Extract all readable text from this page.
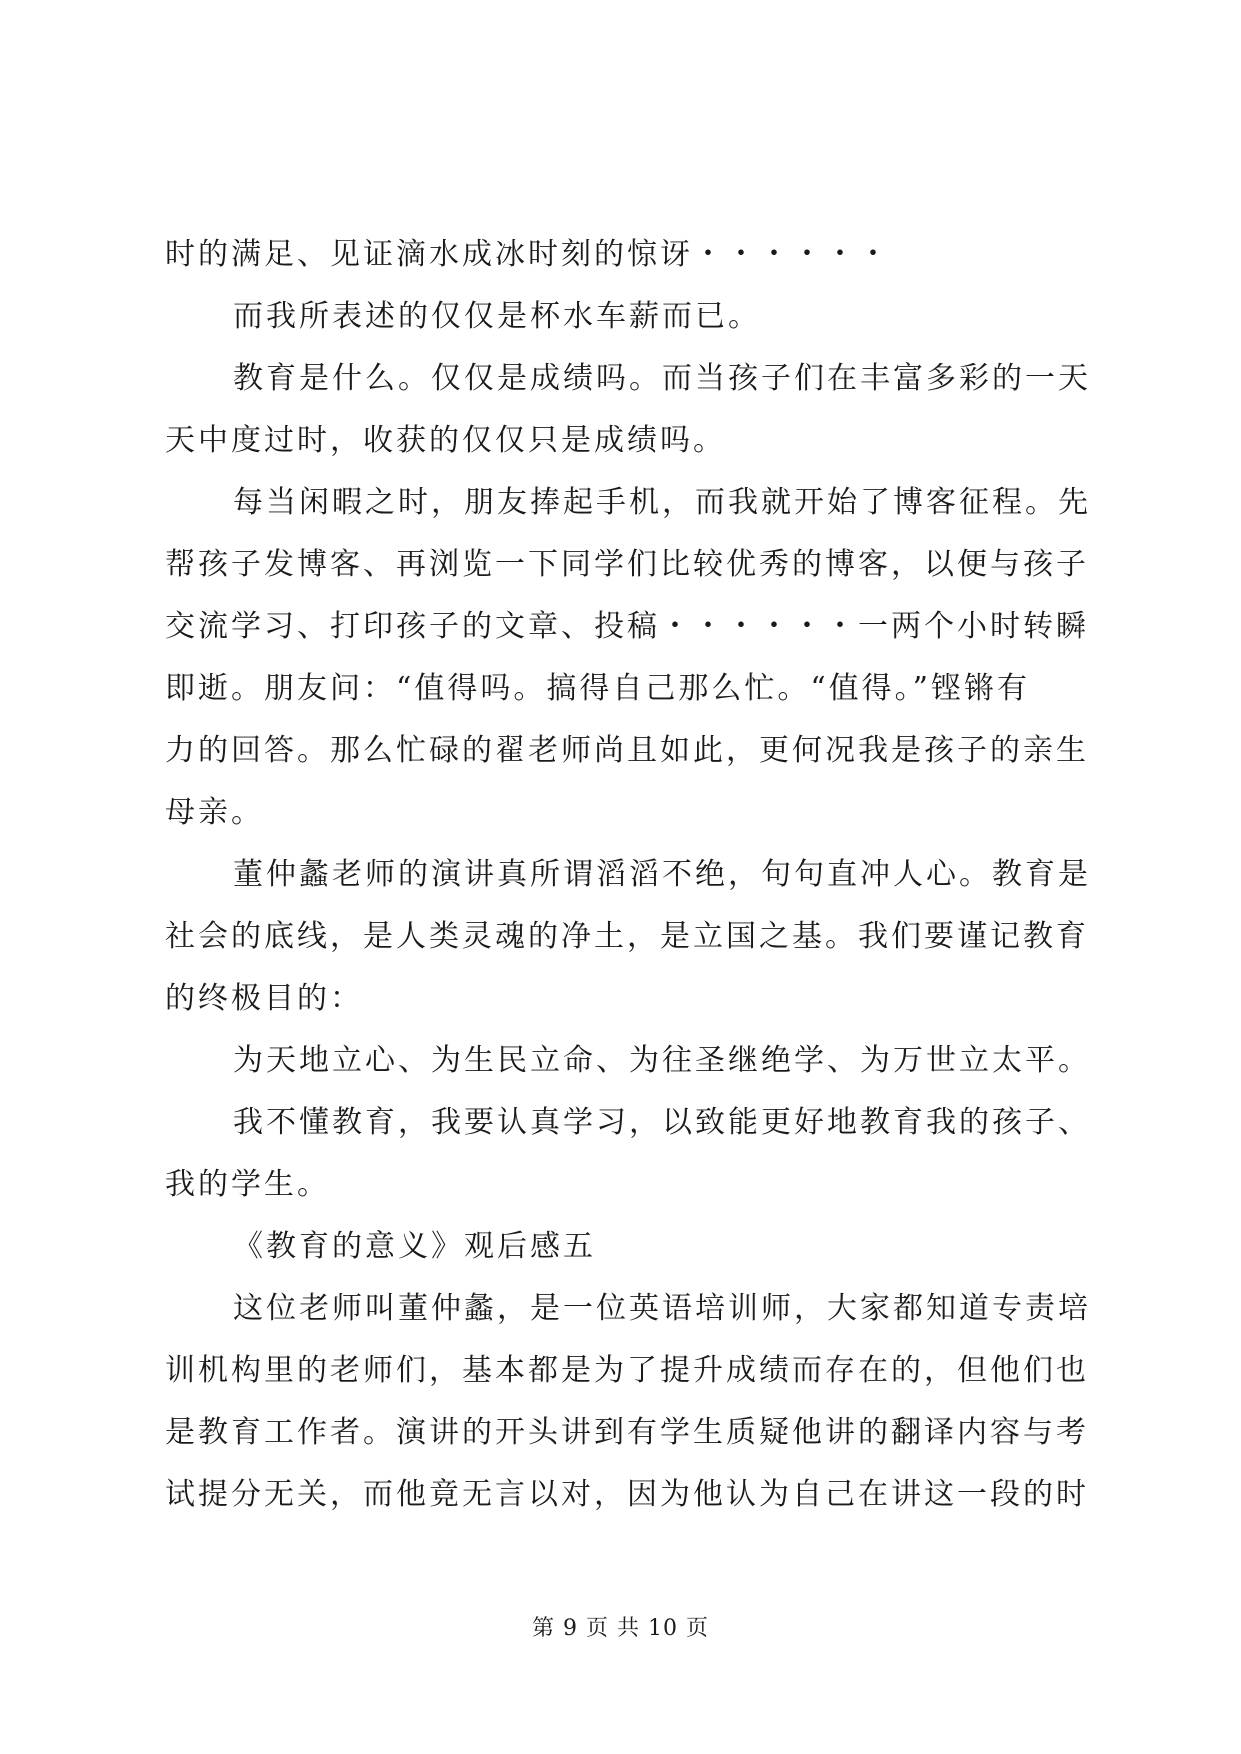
时的满足、见证滴水成冰时刻的惊讶・・・・・・
而我所表述的仅仅是杯水车薪而已。
教育是什么。仅仅是成绩吗。而当孩子们在丰富多彩的一天
天中度过时，收获的仅仅只是成绩吗。
每当闲暇之时，朋友捧起手机，而我就开始了博客征程。先
帮孩子发博客、再浏览一下同学们比较优秀的博客，以便与孩子
交流学习、打印孩子的文章、投稿・・・・・・一两个小时转瞬
即逝。朋友问：“值得吗。搞得自己那么忙。“值得。”铿锵有
力的回答。那么忙碌的翟老师尚且如此，更何况我是孩子的亲生
母亲。
董仲蠡老师的演讲真所谓滔滔不绝，句句直冲人心。教育是
社会的底线，是人类灵魂的净土，是立国之基。我们要谨记教育
的终极目的：
为天地立心、为生民立命、为往圣继绝学、为万世立太平。
我不懂教育，我要认真学习，以致能更好地教育我的孩子、
我的学生。
《教育的意义》观后感五
这位老师叫董仲蠡，是一位英语培训师，大家都知道专责培
训机构里的老师们，基本都是为了提升成绩而存在的，但他们也
是教育工作者。演讲的开头讲到有学生质疑他讲的翻译内容与考
试提分无关，而他竟无言以对，因为他认为自己在讲这一段的时
第 9 页 共 10 页
